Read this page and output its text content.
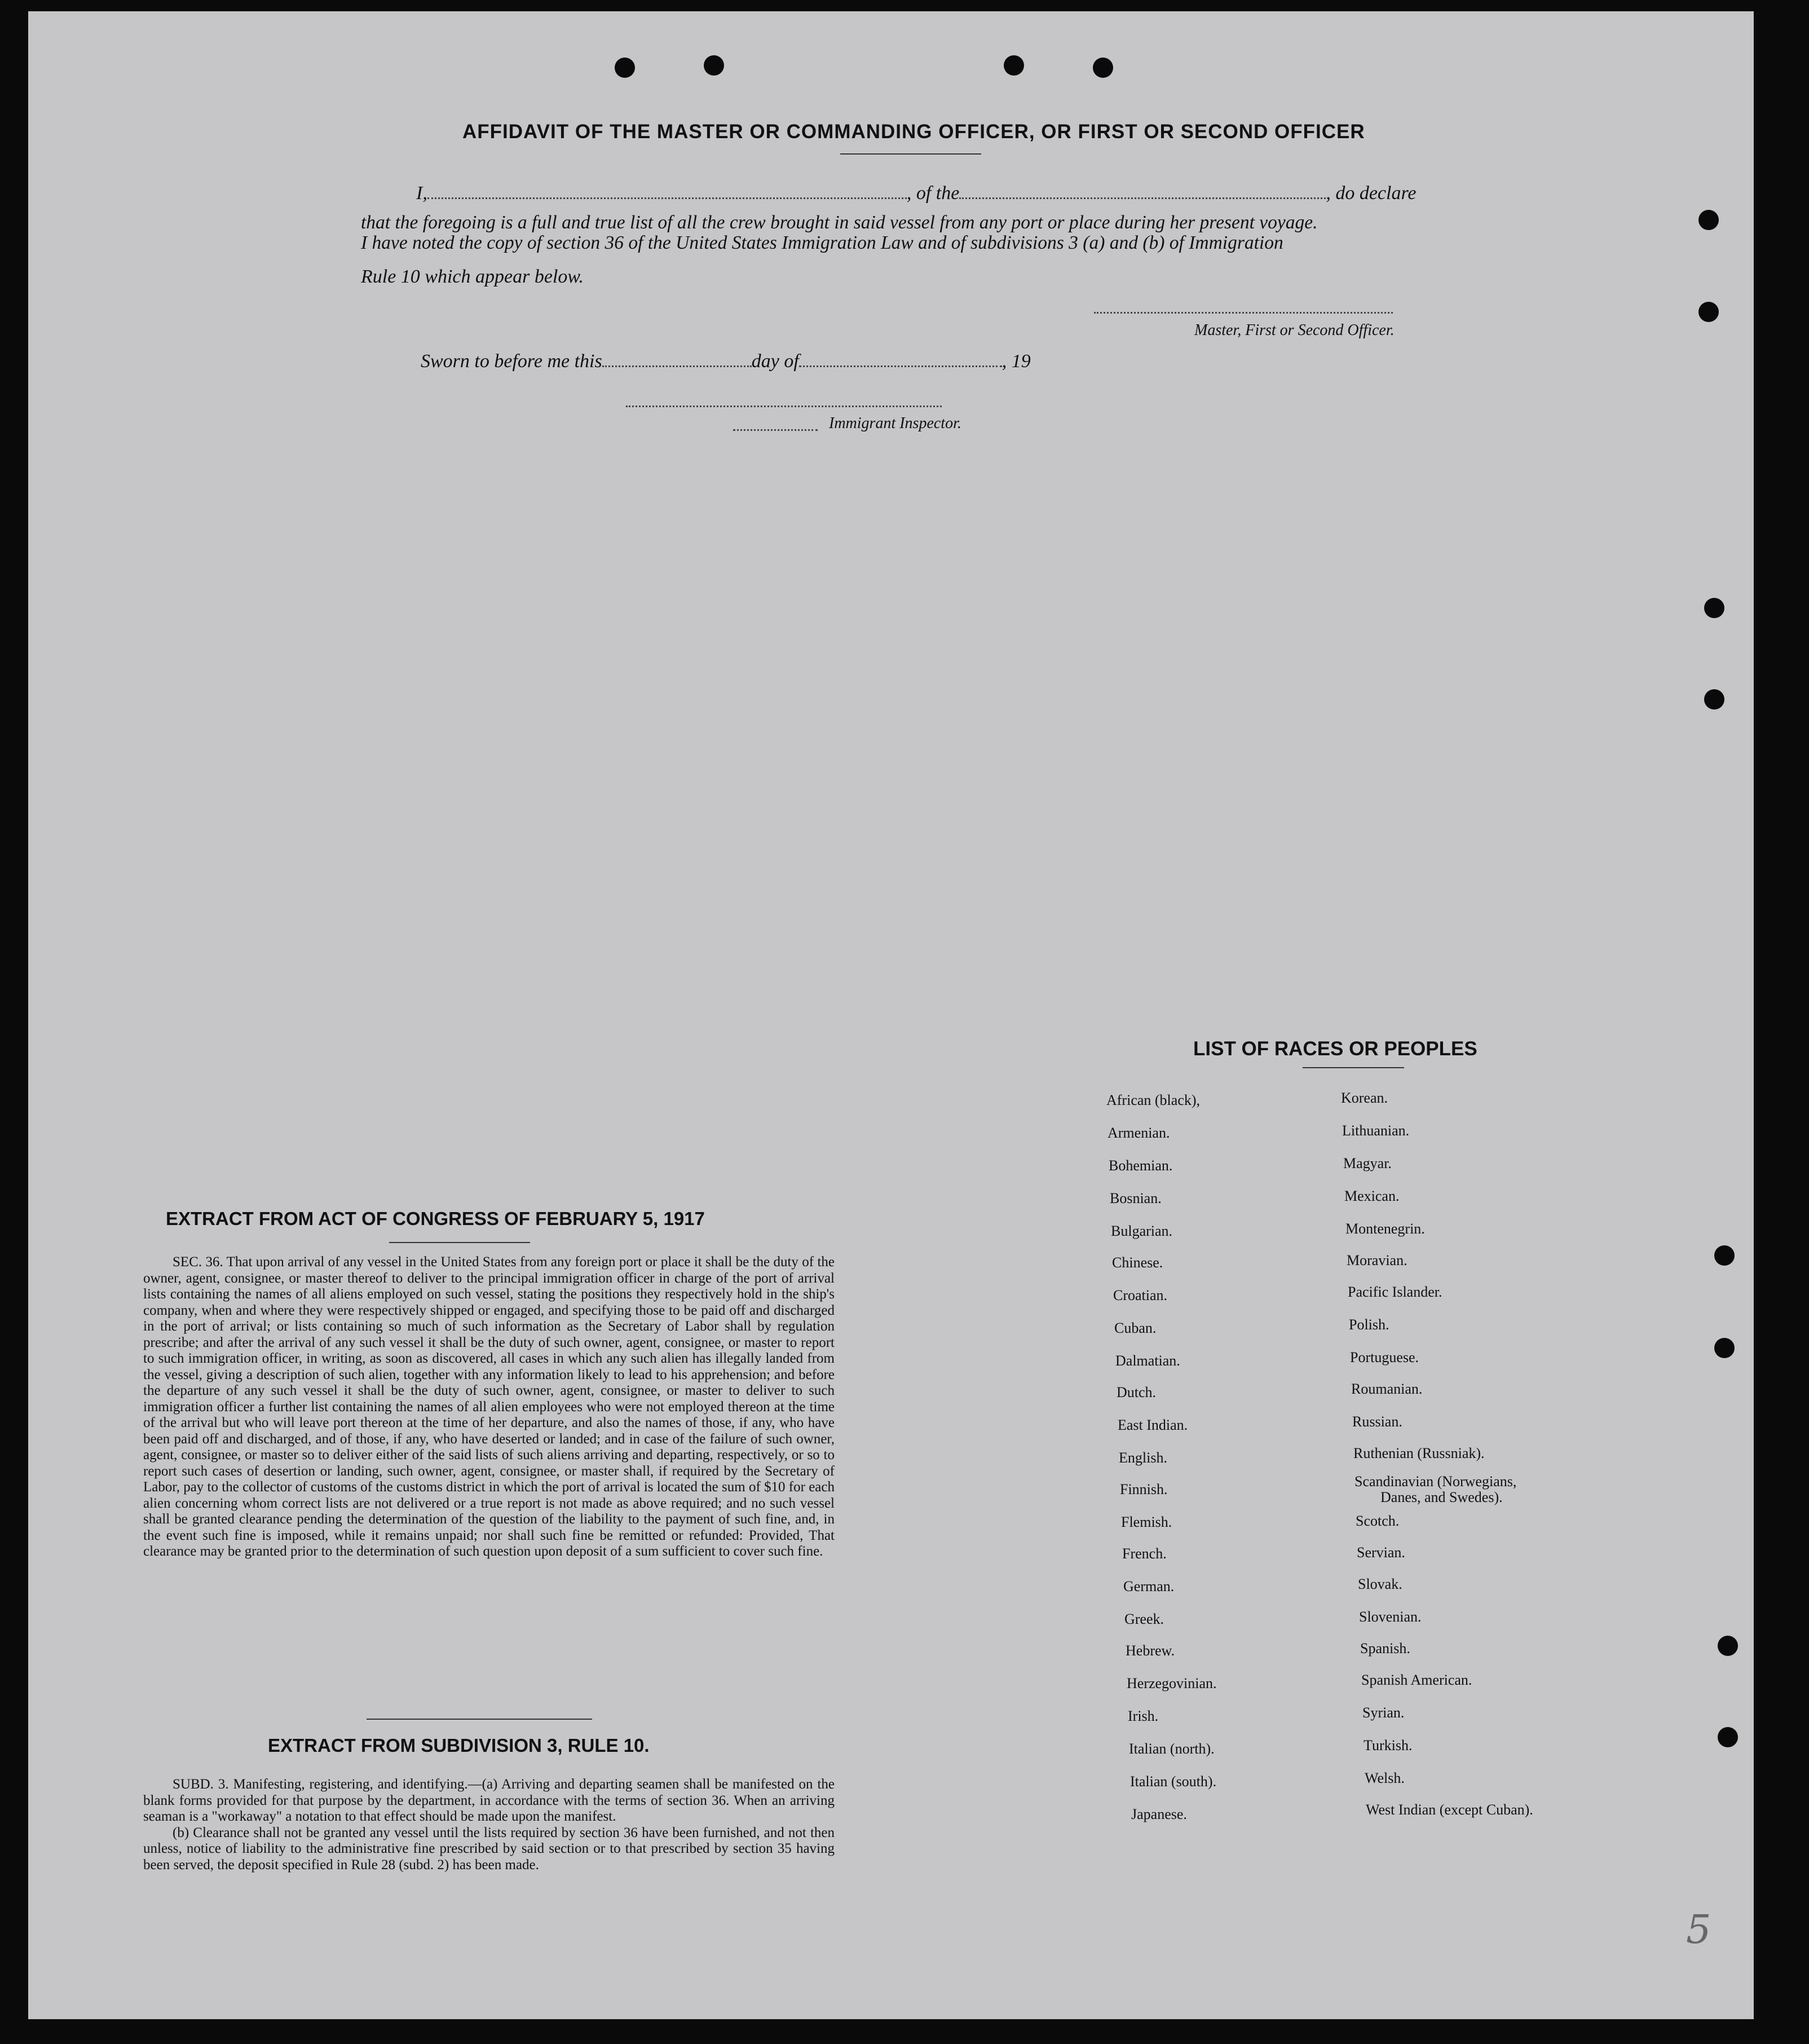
AFFIDAVIT OF THE MASTER OR COMMANDING OFFICER, OR FIRST OR SECOND OFFICER
I,	, of the	, do declare
that the foregoing is a full and true list of all the crew brought in said vessel from any port or place during her present voyage.
I have noted the copy of section 36 of the United States Immigration Law and of subdivisions 3 (a) and (b) of Immigration
Rule 10 which appear below.
Master, First or Second Officer.
Sworn to before me this	day of	, 19
Immigrant Inspector.
LIST OF RACES OR PEOPLES
African (black),
Armenian.
Bohemian.
Bosnian.
Bulgarian.
Chinese.
Croatian.
Cuban.
Dalmatian.
Dutch.
East Indian.
English.
Finnish.
Flemish.
French.
German.
Greek.
Hebrew.
Herzegovinian.
Irish.
Italian (north).
Italian (south).
Japanese.
Korean.
Lithuanian.
Magyar.
Mexican.
Montenegrin.
Moravian.
Pacific Islander.
Polish.
Portuguese.
Roumanian.
Russian.
Ruthenian (Russniak).
Scandinavian (Norwegians,
Danes, and Swedes).
Scotch.
Servian.
Slovak.
Slovenian.
Spanish.
Spanish American.
Syrian.
Turkish.
Welsh.
West Indian (except Cuban).
EXTRACT FROM ACT OF CONGRESS OF FEBRUARY 5, 1917

SEC. 36. That upon arrival of any vessel in the United States from any foreign port or place it shall be the duty of the owner, agent, consignee, or master thereof to deliver to the principal immigration officer in charge of the port of arrival lists containing the names of all aliens employed on such vessel, stating the positions they respectively hold in the ship's company, when and where they were respectively shipped or engaged, and specifying those to be paid off and discharged in the port of arrival; or lists containing so much of such information as the Secretary of Labor shall by regulation prescribe; and after the arrival of any such vessel it shall be the duty of such owner, agent, consignee, or master to report to such immigration officer, in writing, as soon as discovered, all cases in which any such alien has illegally landed from the vessel, giving a description of such alien, together with any information likely to lead to his apprehension; and before the departure of any such vessel it shall be the duty of such owner, agent, consignee, or master to deliver to such immigration officer a further list containing the names of all alien employees who were not employed thereon at the time of the arrival but who will leave port thereon at the time of her departure, and also the names of those, if any, who have been paid off and discharged, and of those, if any, who have deserted or landed; and in case of the failure of such owner, agent, consignee, or master so to deliver either of the said lists of such aliens arriving and departing, respectively, or so to report such cases of desertion or landing, such owner, agent, consignee, or master shall, if required by the Secretary of Labor, pay to the collector of customs of the customs district in which the port of arrival is located the sum of $10 for each alien concerning whom correct lists are not delivered or a true report is not made as above required; and no such vessel shall be granted clearance pending the determination of the question of the liability to the payment of such fine, and, in the event such fine is imposed, while it remains unpaid; nor shall such fine be remitted or refunded: Provided, That clearance may be granted prior to the determination of such question upon deposit of a sum sufficient to cover such fine.

EXTRACT FROM SUBDIVISION 3, RULE 10.

SUBD. 3. Manifesting, registering, and identifying.—(a) Arriving and departing seamen shall be manifested on the blank forms provided for that purpose by the department, in accordance with the terms of section 36. When an arriving seaman is a "workaway" a notation to that effect should be made upon the manifest.

(b) Clearance shall not be granted any vessel until the lists required by section 36 have been furnished, and not then unless, notice of liability to the administrative fine prescribed by said section or to that prescribed by section 35 having been served, the deposit specified in Rule 28 (subd. 2) has been made.

5
